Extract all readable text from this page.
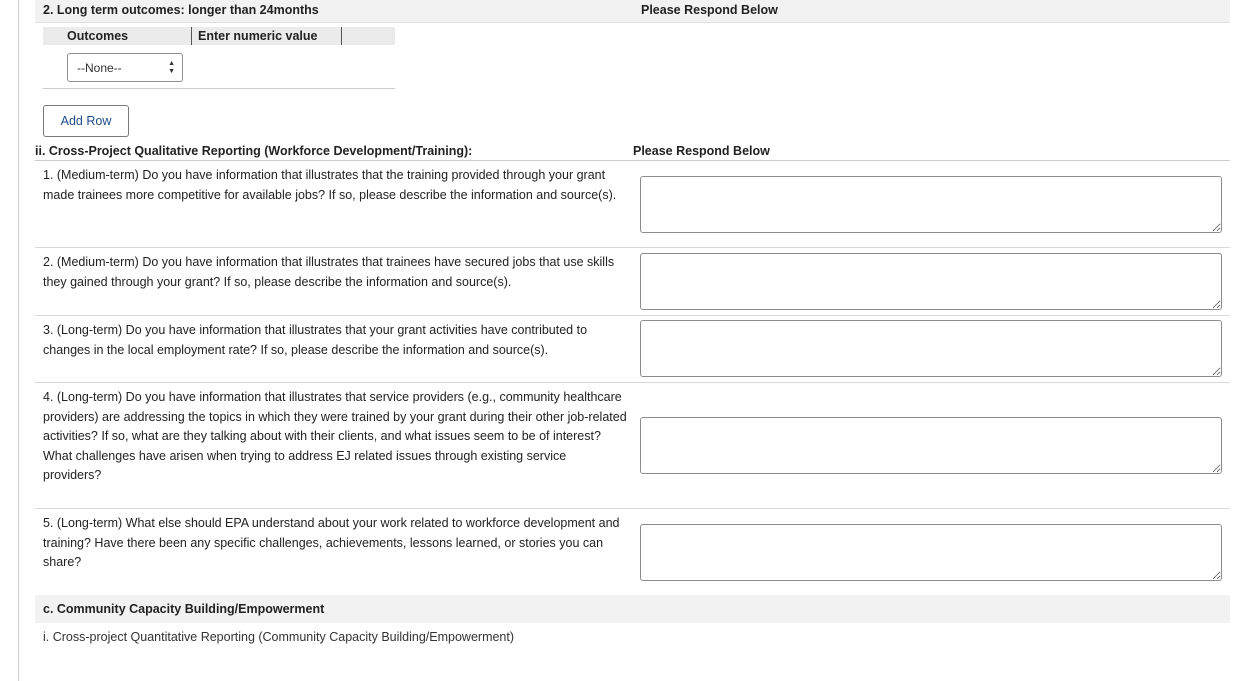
2. Long term outcomes: longer than 24months	Please Respond Below
Outcomes	Enter numeric value
--None--	▲
▼
Add Row
ii. Cross-Project Qualitative Reporting (Workforce Development/Training):	Please Respond Below
1. (Medium-term) Do you have information that illustrates that the training provided through your grant made trainees more competitive for available jobs? If so, please describe the information and source(s).
2. (Medium-term) Do you have information that illustrates that trainees have secured jobs that use skills they gained through your grant? If so, please describe the information and source(s).
3. (Long-term) Do you have information that illustrates that your grant activities have contributed to changes in the local employment rate? If so, please describe the information and source(s).
4. (Long-term) Do you have information that illustrates that service providers (e.g., community healthcare providers) are addressing the topics in which they were trained by your grant during their other job-related activities? If so, what are they talking about with their clients, and what issues seem to be of interest? What challenges have arisen when trying to address EJ related issues through existing service providers?
5. (Long-term) What else should EPA understand about your work related to workforce development and training? Have there been any specific challenges, achievements, lessons learned, or stories you can share?
c. Community Capacity Building/Empowerment
i. Cross-project Quantitative Reporting (Community Capacity Building/Empowerment)
